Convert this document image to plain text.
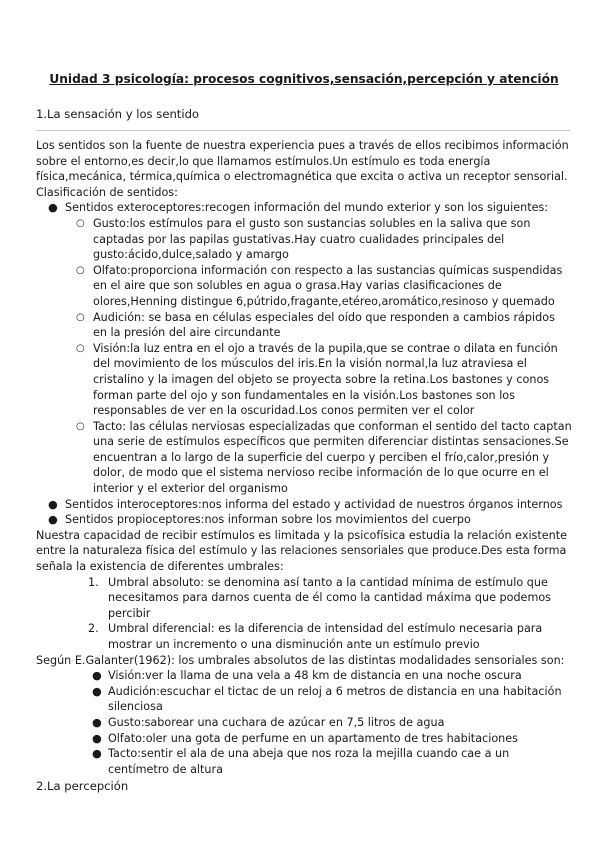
Unidad 3 psicología: procesos cognitivos,sensación,percepción y atención
1.La sensación y los sentido

Los sentidos son la fuente de nuestra experiencia pues a través de ellos recibimos información sobre el entorno,es decir,lo que llamamos estímulos.Un estímulo es toda energía física,mecánica, térmica,química o electromagnética que excita o activa un receptor sensorial.

Clasificación de sentidos:

● Sentidos exteroceptores:recogen información del mundo exterior y son los siguientes:
○ Gusto:los estímulos para el gusto son sustancias solubles en la saliva que son captadas por las papilas gustativas.Hay cuatro cualidades principales del gusto:ácido,dulce,salado y amargo
○ Olfato:proporciona información con respecto a las sustancias químicas suspendidas en el aire que son solubles en agua o grasa.Hay varias clasificaciones de olores,Henning distingue 6,pútrido,fragante,etéreo,aromático,resinoso y quemado
○ Audición: se basa en células especiales del oído que responden a cambios rápidos en la presión del aire circundante
○ Visión:la luz entra en el ojo a través de la pupila,que se contrae o dilata en función del movimiento de los músculos del iris.En la visión normal,la luz atraviesa el cristalino y la imagen del objeto se proyecta sobre la retina.Los bastones y conos forman parte del ojo y son fundamentales en la visión.Los bastones son los responsables de ver en la oscuridad.Los conos permiten ver el color
○ Tacto: las células nerviosas especializadas que conforman el sentido del tacto captan una serie de estímulos específicos que permiten diferenciar distintas sensaciones.Se encuentran a lo largo de la superficie del cuerpo y perciben el frío,calor,presión y dolor, de modo que el sistema nervioso recibe información de lo que ocurre en el interior y el exterior del organismo
● Sentidos interoceptores:nos informa del estado y actividad de nuestros órganos internos
● Sentidos propioceptores:nos informan sobre los movimientos del cuerpo

Nuestra capacidad de recibir estímulos es limitada y la psicofísica estudia la relación existente entre la naturaleza física del estímulo y las relaciones sensoriales que produce.Des esta forma señala la existencia de diferentes umbrales:

1. Umbral absoluto: se denomina así tanto a la cantidad mínima de estímulo que necesitamos para darnos cuenta de él como la cantidad máxima que podemos percibir
2. Umbral diferencial: es la diferencia de intensidad del estímulo necesaria para mostrar un incremento o una disminución ante un estímulo previo

Según E.Galanter(1962): los umbrales absolutos de las distintas modalidades sensoriales son:

● Visión:ver la llama de una vela a 48 km de distancia en una noche oscura
● Audición:escuchar el tictac de un reloj a 6 metros de distancia en una habitación silenciosa
● Gusto:saborear una cuchara de azúcar en 7,5 litros de agua
● Olfato:oler una gota de perfume en un apartamento de tres habitaciones
● Tacto:sentir el ala de una abeja que nos roza la mejilla cuando cae a un centímetro de altura

2.La percepción
